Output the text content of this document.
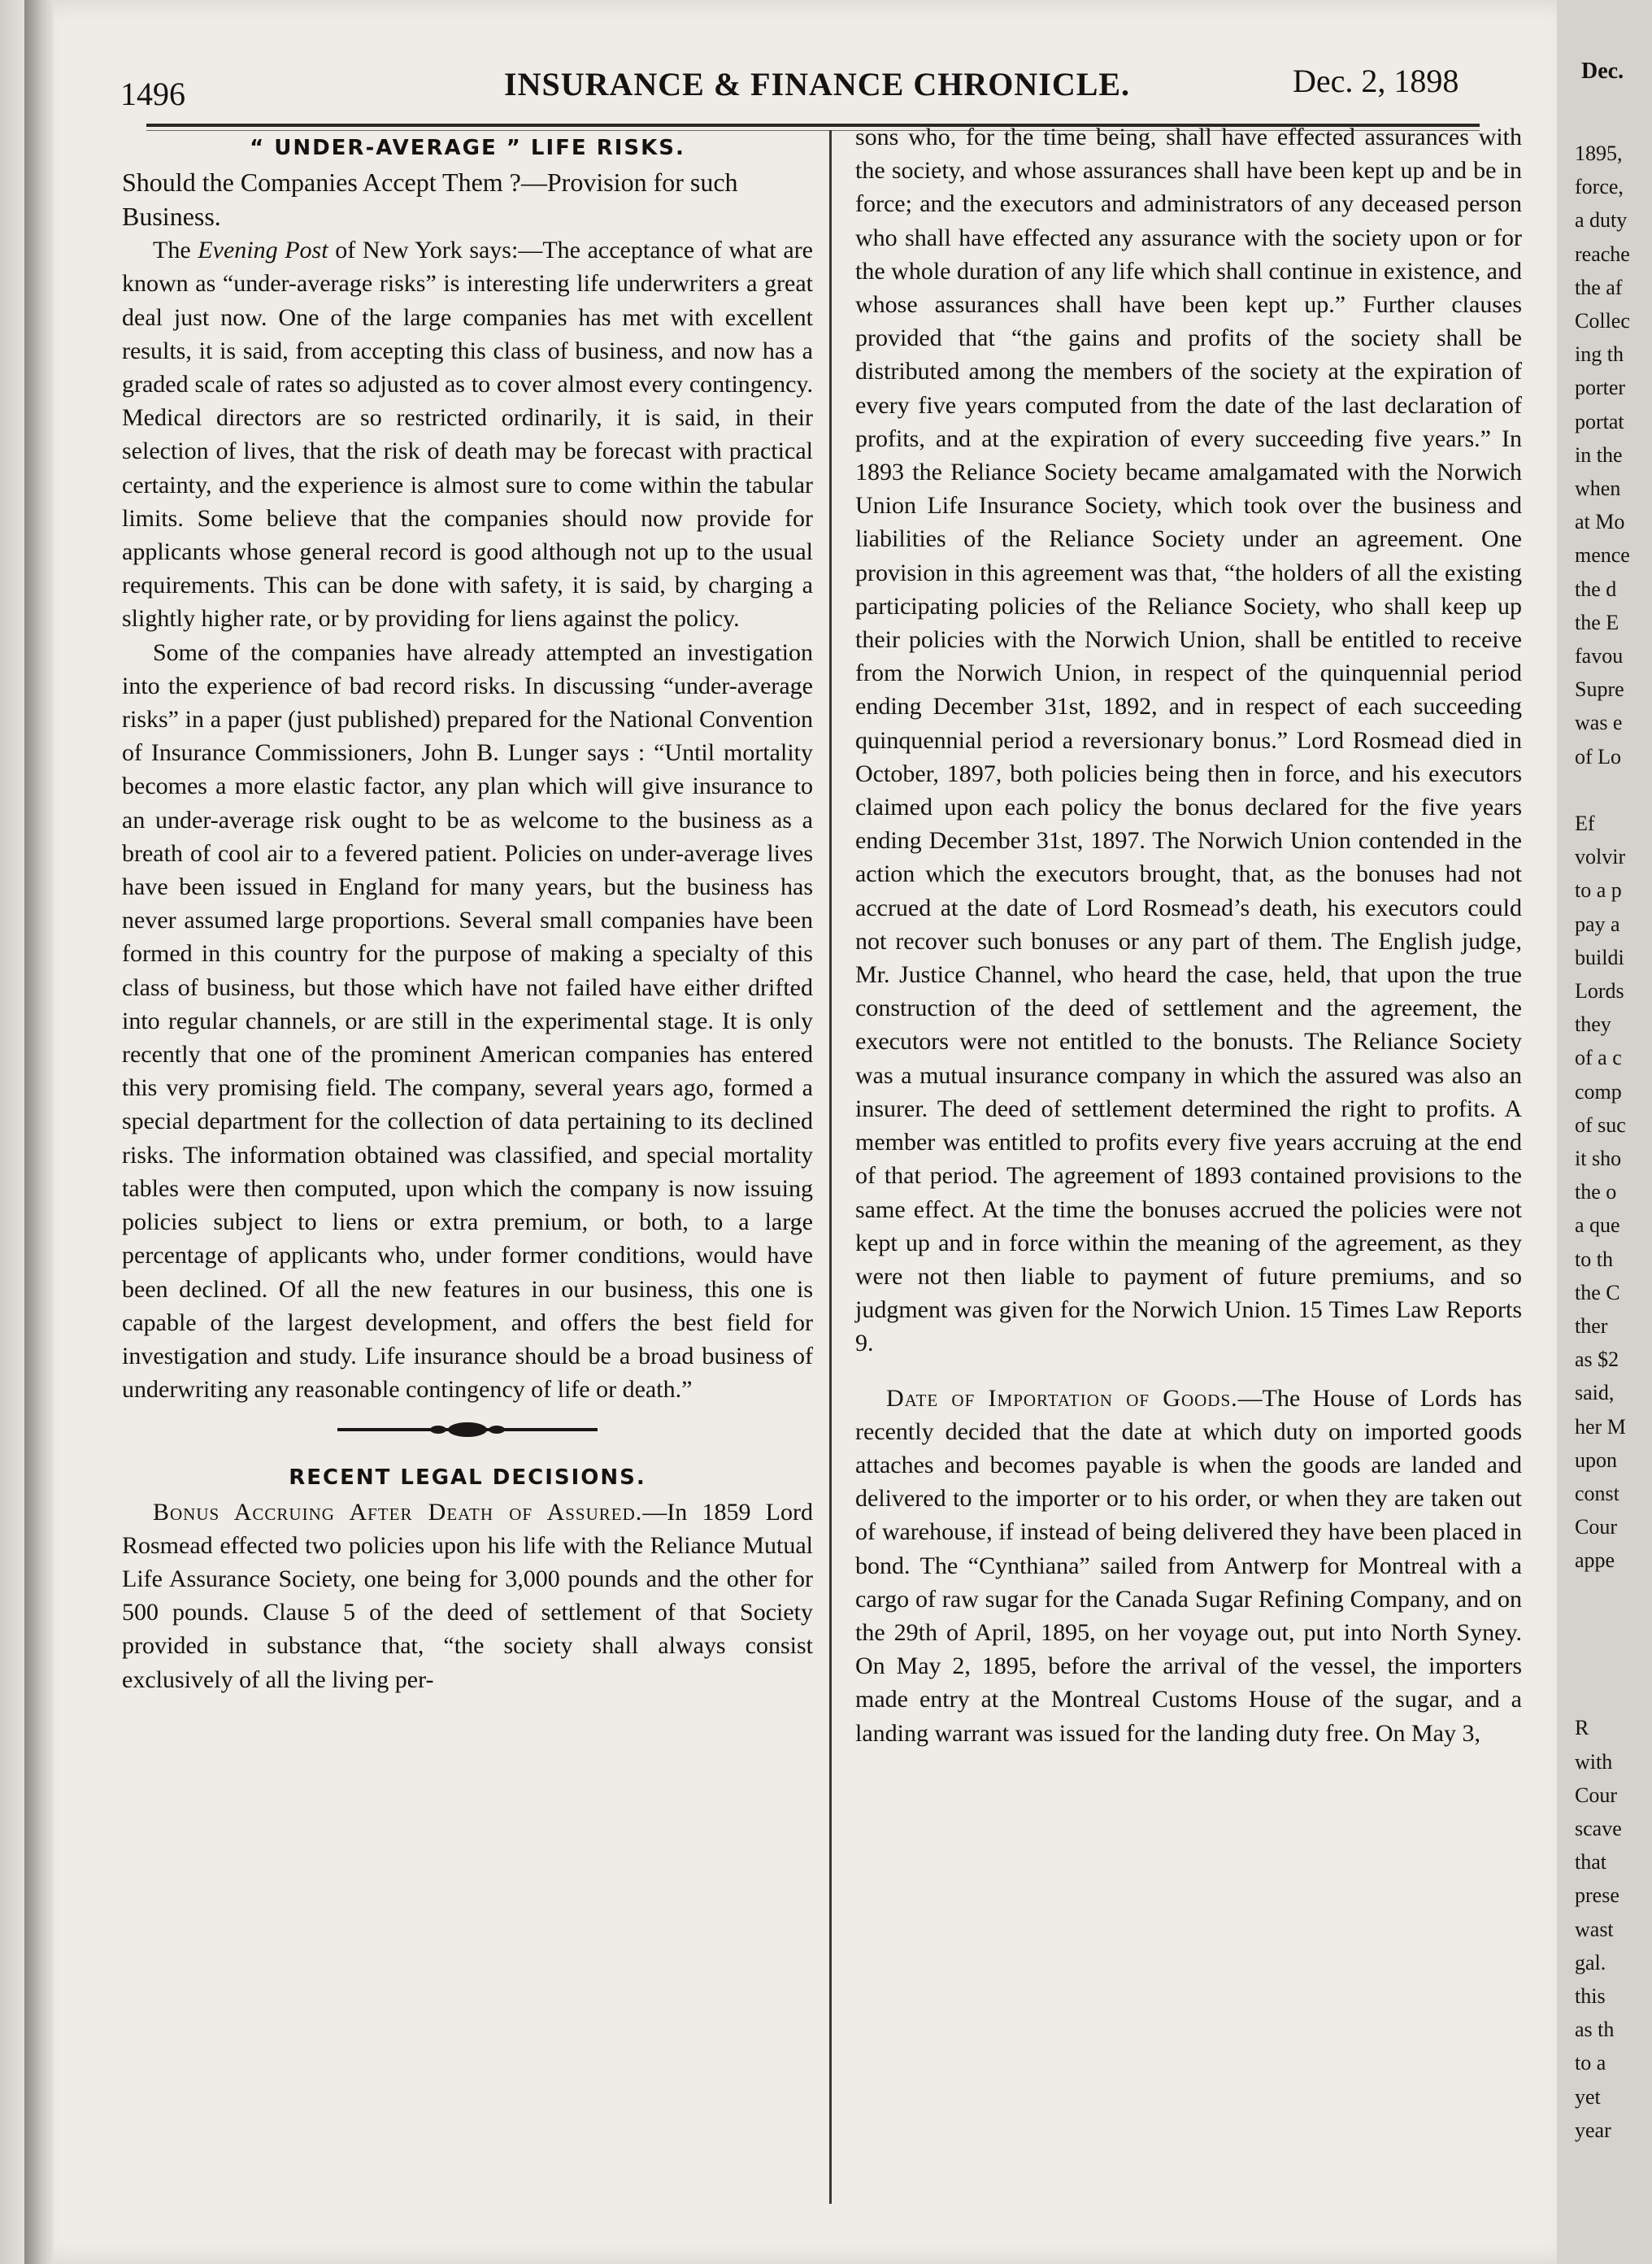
1496	INSURANCE & FINANCE CHRONICLE.	Dec. 2, 1898

“ UNDER-AVERAGE ” LIFE RISKS.

Should the Companies Accept Them ?—Provision for such Business.

The Evening Post of New York says:—The acceptance of what are known as “under-average risks” is interesting life underwriters a great deal just now. One of the large companies has met with excellent results, it is said, from accepting this class of business, and now has a graded scale of rates so adjusted as to cover almost every contingency. Medical directors are so restricted ordinarily, it is said, in their selection of lives, that the risk of death may be forecast with practical certainty, and the experience is almost sure to come within the tabular limits. Some believe that the companies should now provide for applicants whose general record is good although not up to the usual requirements. This can be done with safety, it is said, by charging a slightly higher rate, or by providing for liens against the policy.

Some of the companies have already attempted an investigation into the experience of bad record risks. In discussing “under-average risks” in a paper (just published) prepared for the National Convention of Insurance Commissioners, John B. Lunger says : “Until mortality becomes a more elastic factor, any plan which will give insurance to an under-average risk ought to be as welcome to the business as a breath of cool air to a fevered patient. Policies on under-average lives have been issued in England for many years, but the business has never assumed large proportions. Several small companies have been formed in this country for the purpose of making a specialty of this class of business, but those which have not failed have either drifted into regular channels, or are still in the experimental stage. It is only recently that one of the prominent American companies has entered this very promising field. The company, several years ago, formed a special department for the collection of data pertaining to its declined risks. The information obtained was classified, and special mortality tables were then computed, upon which the company is now issuing policies subject to liens or extra premium, or both, to a large percentage of applicants who, under former conditions, would have been declined. Of all the new features in our business, this one is capable of the largest development, and offers the best field for investigation and study. Life insurance should be a broad business of underwriting any reasonable contingency of life or death.”

RECENT LEGAL DECISIONS.

Bonus Accruing After Death of Assured.—In 1859 Lord Rosmead effected two policies upon his life with the Reliance Mutual Life Assurance Society, one being for 3,000 pounds and the other for 500 pounds. Clause 5 of the deed of settlement of that Society provided in substance that, “the society shall always consist exclusively of all the living per-

sons who, for the time being, shall have effected assurances with the society, and whose assurances shall have been kept up and be in force; and the executors and administrators of any deceased person who shall have effected any assurance with the society upon or for the whole duration of any life which shall continue in existence, and whose assurances shall have been kept up.” Further clauses provided that “the gains and profits of the society shall be distributed among the members of the society at the expiration of every five years computed from the date of the last declaration of profits, and at the expiration of every succeeding five years.” In 1893 the Reliance Society became amalgamated with the Norwich Union Life Insurance Society, which took over the business and liabilities of the Reliance Society under an agreement. One provision in this agreement was that, “the holders of all the existing participating policies of the Reliance Society, who shall keep up their policies with the Norwich Union, shall be entitled to receive from the Norwich Union, in respect of the quinquennial period ending December 31st, 1892, and in respect of each succeeding quinquennial period a reversionary bonus.” Lord Rosmead died in October, 1897, both policies being then in force, and his executors claimed upon each policy the bonus declared for the five years ending December 31st, 1897. The Norwich Union contended in the action which the executors brought, that, as the bonuses had not accrued at the date of Lord Rosmead’s death, his executors could not recover such bonuses or any part of them. The English judge, Mr. Justice Channel, who heard the case, held, that upon the true construction of the deed of settlement and the agreement, the executors were not entitled to the bonusts. The Reliance Society was a mutual insurance company in which the assured was also an insurer. The deed of settlement determined the right to profits. A member was entitled to profits every five years accruing at the end of that period. The agreement of 1893 contained provisions to the same effect. At the time the bonuses accrued the policies were not kept up and in force within the meaning of the agreement, as they were not then liable to payment of future premiums, and so judgment was given for the Norwich Union. 15 Times Law Reports 9.

Date of Importation of Goods.—The House of Lords has recently decided that the date at which duty on imported goods attaches and becomes payable is when the goods are landed and delivered to the importer or to his order, or when they are taken out of warehouse, if instead of being delivered they have been placed in bond. The “Cynthiana” sailed from Antwerp for Montreal with a cargo of raw sugar for the Canada Sugar Refining Company, and on the 29th of April, 1895, on her voyage out, put into North Syney. On May 2, 1895, before the arrival of the vessel, the importers made entry at the Montreal Customs House of the sugar, and a landing warrant was issued for the landing duty free. On May 3,

Dec.
1895,
force,
a duty
reache
the af
Collec
ing th
porter
portat
in the
when
at Mo
mence
the d
the E
favou
Supre
was e
of Lo
Ef
volvir
to a p
pay a
buildi
Lords
they
of a c
comp
of suc
it sho
the o
a que
to th
the C
ther
as $2
said,
her M
upon
const
Cour
appe
R
with
Cour
scave
that
prese
wast
gal.
this
as th
to a
yet
year
